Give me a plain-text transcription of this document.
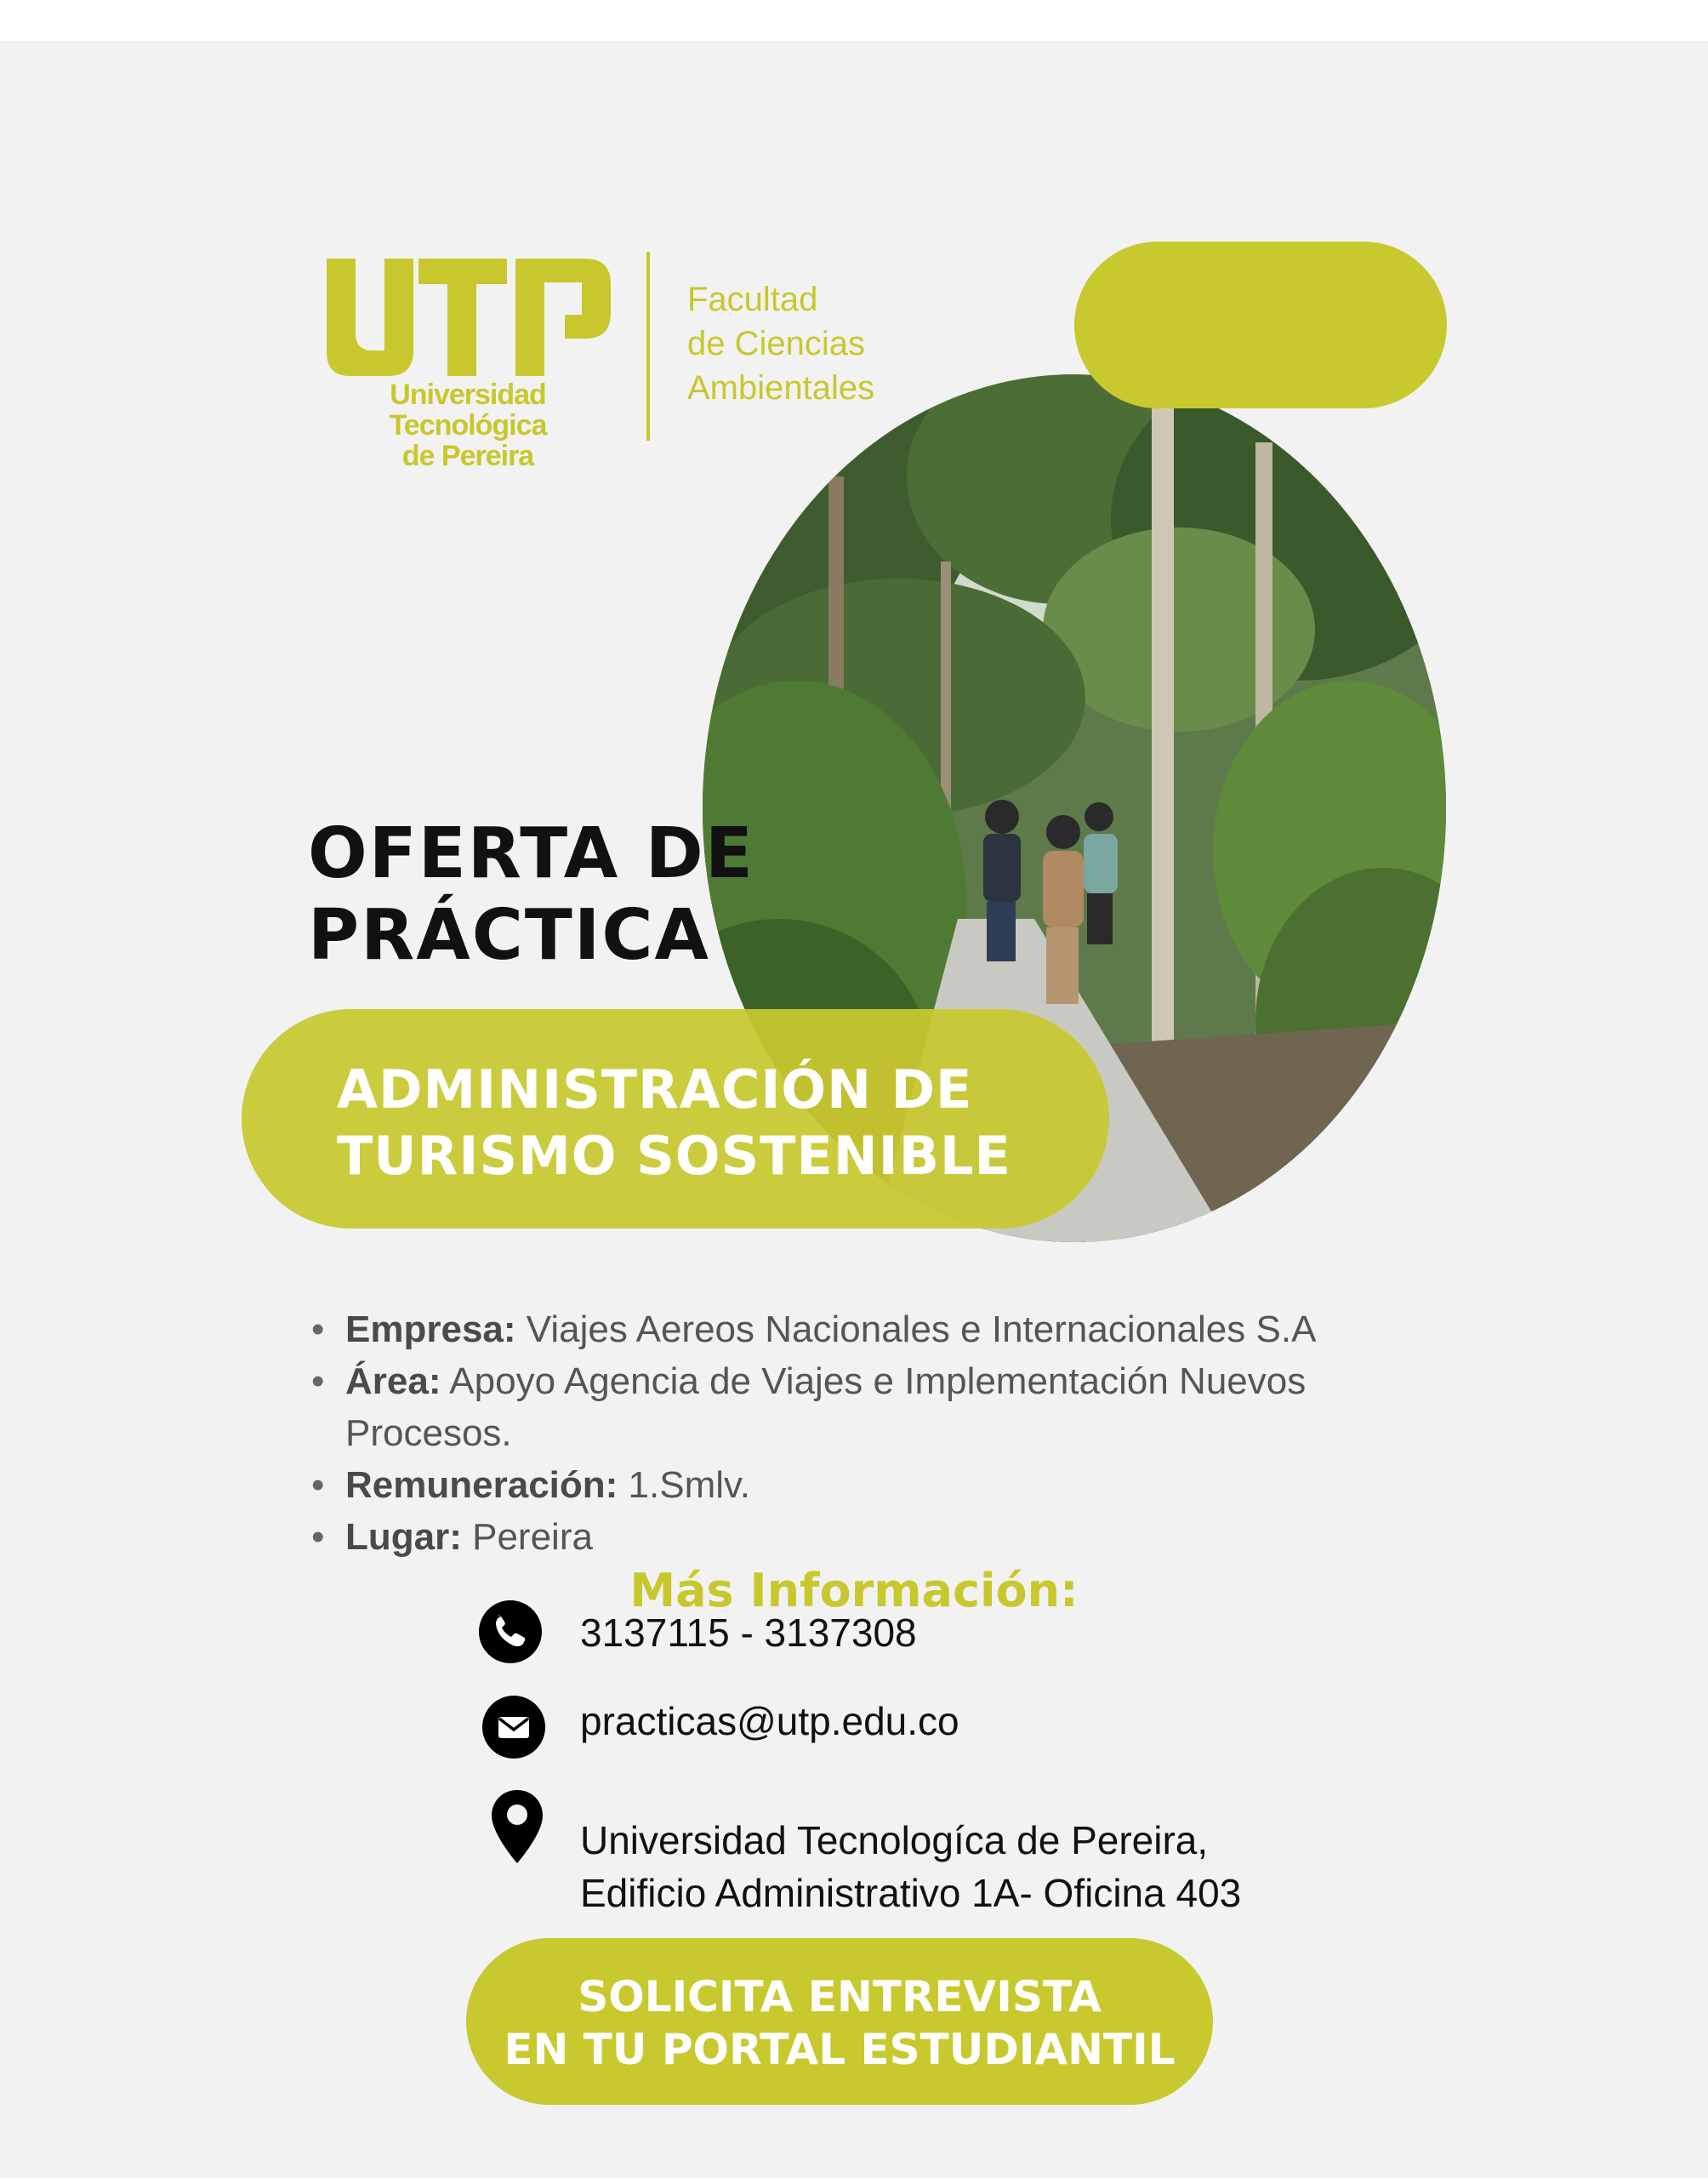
Universidad Tecnológica
de Pereira
Facultad
de Ciencias
Ambientales
OFERTA DE
PRÁCTICA
ADMINISTRACIÓN DE
TURISMO SOSTENIBLE
• Empresa: Viajes Aereos Nacionales e Internacionales S.A
• Área: Apoyo Agencia de Viajes e Implementación Nuevos Procesos.
• Remuneración: 1.Smlv.
• Lugar: Pereira
Más Información:
3137115 - 3137308
practicas@utp.edu.co
Universidad Tecnologíca de Pereira,
Edificio Administrativo 1A- Oficina 403
SOLICITA ENTREVISTA
EN TU PORTAL ESTUDIANTIL
